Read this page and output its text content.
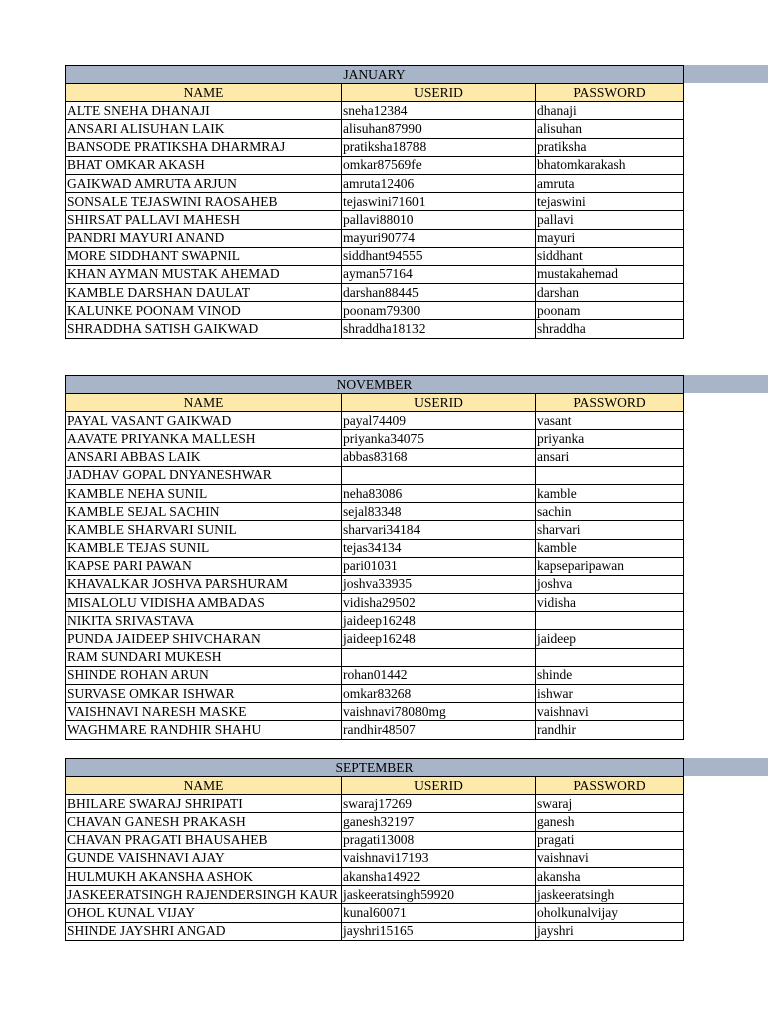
JANUARY
NAME	USERID	PASSWORD
ALTE SNEHA DHANAJI	sneha12384	dhanaji
ANSARI ALISUHAN LAIK	alisuhan87990	alisuhan
BANSODE PRATIKSHA DHARMRAJ	pratiksha18788	pratiksha
BHAT OMKAR AKASH	omkar87569fe	bhatomkarakash
GAIKWAD AMRUTA ARJUN	amruta12406	amruta
SONSALE TEJASWINI RAOSAHEB	tejaswini71601	tejaswini
SHIRSAT PALLAVI MAHESH	pallavi88010	pallavi
PANDRI MAYURI ANAND	mayuri90774	mayuri
MORE SIDDHANT SWAPNIL	siddhant94555	siddhant
KHAN AYMAN MUSTAK AHEMAD	ayman57164	mustakahemad
KAMBLE DARSHAN DAULAT	darshan88445	darshan
KALUNKE POONAM VINOD	poonam79300	poonam
SHRADDHA SATISH GAIKWAD	shraddha18132	shraddha
NOVEMBER
NAME	USERID	PASSWORD
PAYAL VASANT GAIKWAD	payal74409	vasant
AAVATE PRIYANKA MALLESH	priyanka34075	priyanka
ANSARI ABBAS LAIK	abbas83168	ansari
JADHAV GOPAL DNYANESHWAR		
KAMBLE NEHA SUNIL	neha83086	kamble
KAMBLE SEJAL SACHIN	sejal83348	sachin
KAMBLE SHARVARI SUNIL	sharvari34184	sharvari
KAMBLE TEJAS SUNIL	tejas34134	kamble
KAPSE PARI PAWAN	pari01031	kapseparipawan
KHAVALKAR JOSHVA PARSHURAM	joshva33935	joshva
MISALOLU VIDISHA AMBADAS	vidisha29502	vidisha
NIKITA SRIVASTAVA	jaideep16248	
PUNDA JAIDEEP SHIVCHARAN	jaideep16248	jaideep
RAM SUNDARI MUKESH		
SHINDE ROHAN ARUN	rohan01442	shinde
SURVASE OMKAR ISHWAR	omkar83268	ishwar
VAISHNAVI NARESH MASKE	vaishnavi78080mg	vaishnavi
WAGHMARE RANDHIR SHAHU	randhir48507	randhir
SEPTEMBER
NAME	USERID	PASSWORD
BHILARE SWARAJ SHRIPATI	swaraj17269	swaraj
CHAVAN GANESH PRAKASH	ganesh32197	ganesh
CHAVAN PRAGATI BHAUSAHEB	pragati13008	pragati
GUNDE VAISHNAVI AJAY	vaishnavi17193	vaishnavi
HULMUKH AKANSHA ASHOK	akansha14922	akansha
JASKEERATSINGH RAJENDERSINGH KAUR	jaskeeratsingh59920	jaskeeratsingh
OHOL KUNAL VIJAY	kunal60071	oholkunalvijay
SHINDE JAYSHRI ANGAD	jayshri15165	jayshri
